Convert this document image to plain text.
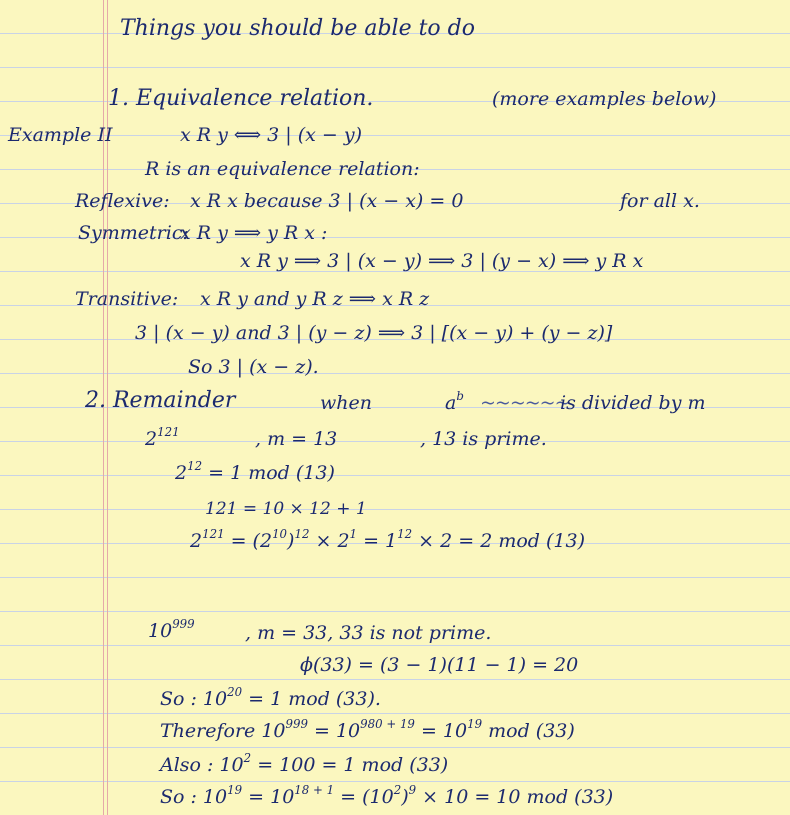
Things you should be able to do
1. Equivalence relation.	(more examples below)
Example II	x R y ⟺ 3 | (x − y)
R is an equivalence relation:
Reflexive: x R x because 3 | (x − x) = 0	for all x.
Symmetric:
x R y ⟹ y R x :
x R y ⟹ 3 | (x − y) ⟹ 3 | (y − x) ⟹ y R x
Transitive: x R y and y R z ⟹ x R z
3 | (x − y) and 3 | (y − z) ⟹ 3 | [(x − y) + (y − z)]
So 3 | (x − z).
2. Remainder	when	$a^b$ ~~~~~~
is divided by m
$2^{121}$	, m = 13	, 13 is prime.
$2^{12} = 1$ mod (13)
121 = 10 × 12 + 1
$2^{121} = (2^{10})^{12} \times 2^1 = 1^{12} \times 2 = 2$ mod (13)
$10^{999}$	, m = 33, 33 is not prime.
ϕ(33) = (3 − 1)(11 − 1) = 20
So : $10^{20} = 1$ mod (33).
Therefore $10^{999} = 10^{980 + 19} = 10^{19}$ mod (33)
Also : $10^2 = 100 = 1$ mod (33)
So : $10^{19} = 10^{18 + 1} = (10^2)^9 \times 10 = 10$ mod (33)
